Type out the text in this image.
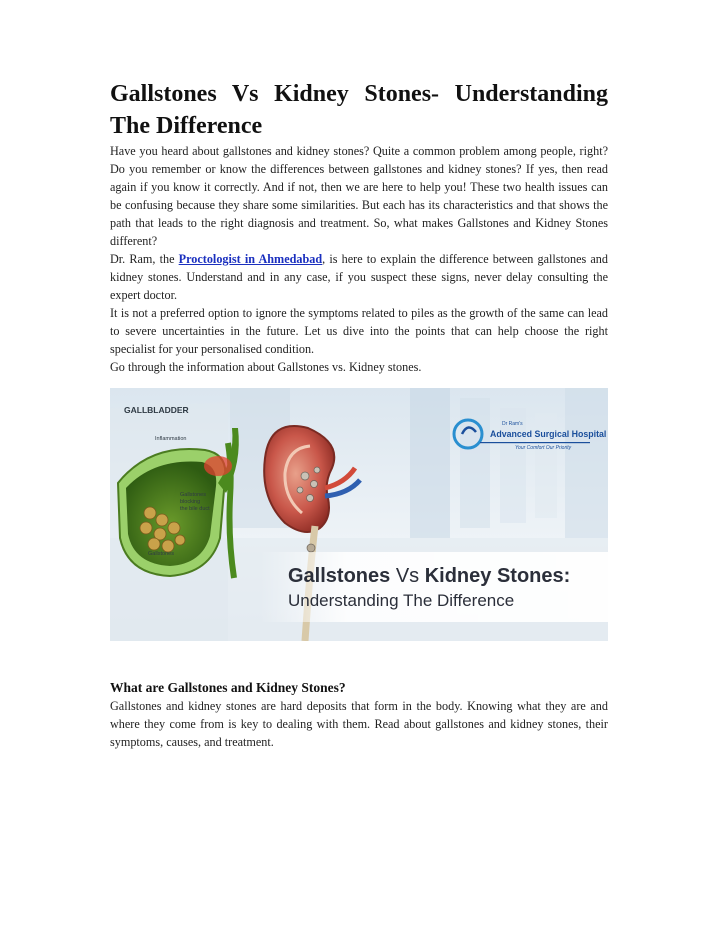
Gallstones Vs Kidney Stones- Understanding The Difference

Have you heard about gallstones and kidney stones? Quite a common problem among people, right? Do you remember or know the differences between gallstones and kidney stones? If yes, then read again if you know it correctly. And if not, then we are here to help you! These two health issues can be confusing because they share some similarities. But each has its characteristics and that shows the path that leads to the right diagnosis and treatment. So, what makes Gallstones and Kidney Stones different?

Dr. Ram, the Proctologist in Ahmedabad, is here to explain the difference between gallstones and kidney stones. Understand and in any case, if you suspect these signs, never delay consulting the expert doctor.

It is not a preferred option to ignore the symptoms related to piles as the growth of the same can lead to severe uncertainties in the future. Let us dive into the points that can help choose the right specialist for your personalised condition.

Go through the information about Gallstones vs. Kidney stones.

GALLBLADDER
Inflammation
Gallstones
blocking
the bile duct
Gallstones
Dr Ram's
Advanced Surgical Hospital
Your Comfort Our Priority
Gallstones Vs Kidney Stones:
Understanding The Difference
What are Gallstones and Kidney Stones?

Gallstones and kidney stones are hard deposits that form in the body. Knowing what they are and where they come from is key to dealing with them. Read about gallstones and kidney stones, their symptoms, causes, and treatment.
